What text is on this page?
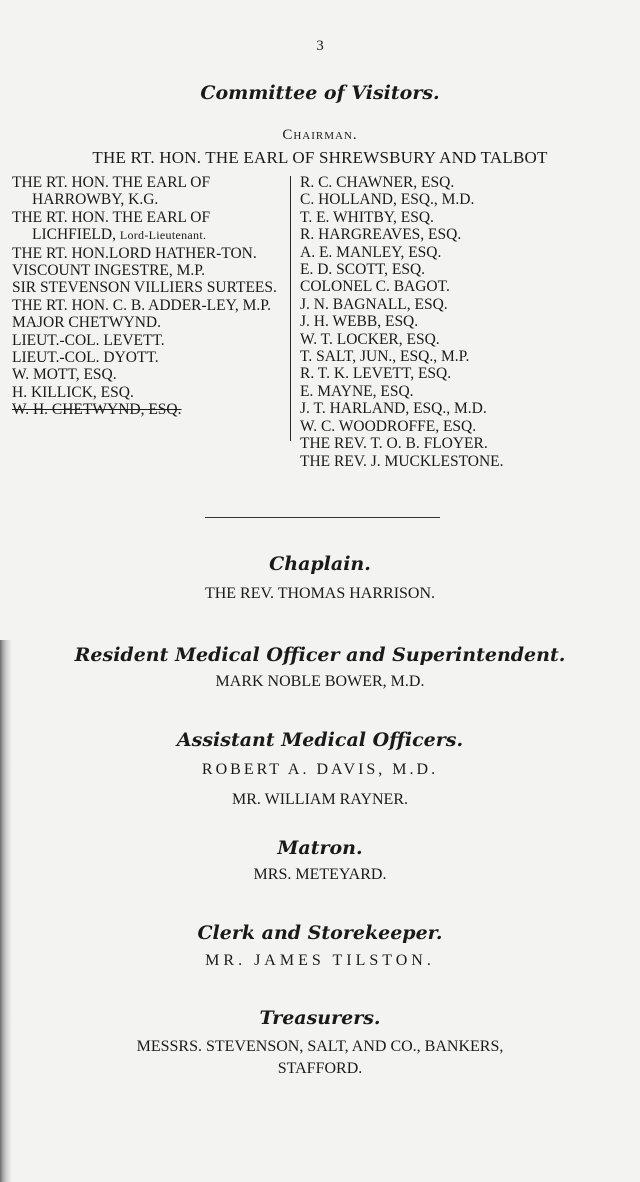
3
Committee of Visitors.
Chairman.
THE RT. HON. THE EARL OF SHREWSBURY AND TALBOT
THE RT. HON. THE EARL OF HARROWBY, K.G.
THE RT. HON. THE EARL OF LICHFIELD, Lord-Lieutenant.
THE RT. HON.LORD HATHER-TON.
VISCOUNT INGESTRE, M.P.
SIR STEVENSON VILLIERS SURTEES.
THE RT. HON. C. B. ADDER-LEY, M.P.
MAJOR CHETWYND.
LIEUT.-COL. LEVETT.
LIEUT.-COL. DYOTT.
W. MOTT, ESQ.
H. KILLICK, ESQ.
W. H. CHETWYND, ESQ.
R. C. CHAWNER, ESQ.
C. HOLLAND, ESQ., M.D.
T. E. WHITBY, ESQ.
R. HARGREAVES, ESQ.
A. E. MANLEY, ESQ.
E. D. SCOTT, ESQ.
COLONEL C. BAGOT.
J. N. BAGNALL, ESQ.
J. H. WEBB, ESQ.
W. T. LOCKER, ESQ.
T. SALT, JUN., ESQ., M.P.
R. T. K. LEVETT, ESQ.
E. MAYNE, ESQ.
J. T. HARLAND, ESQ., M.D.
W. C. WOODROFFE, ESQ.
THE REV. T. O. B. FLOYER.
THE REV. J. MUCKLESTONE.
Chaplain.
THE REV. THOMAS HARRISON.
Resident Medical Officer and Superintendent.
MARK NOBLE BOWER, M.D.
Assistant Medical Officers.
ROBERT A. DAVIS, M.D.
MR. WILLIAM RAYNER.
Matron.
MRS. METEYARD.
Clerk and Storekeeper.
MR. JAMES TILSTON.
Treasurers.
MESSRS. STEVENSON, SALT, AND CO., BANKERS,
STAFFORD.
